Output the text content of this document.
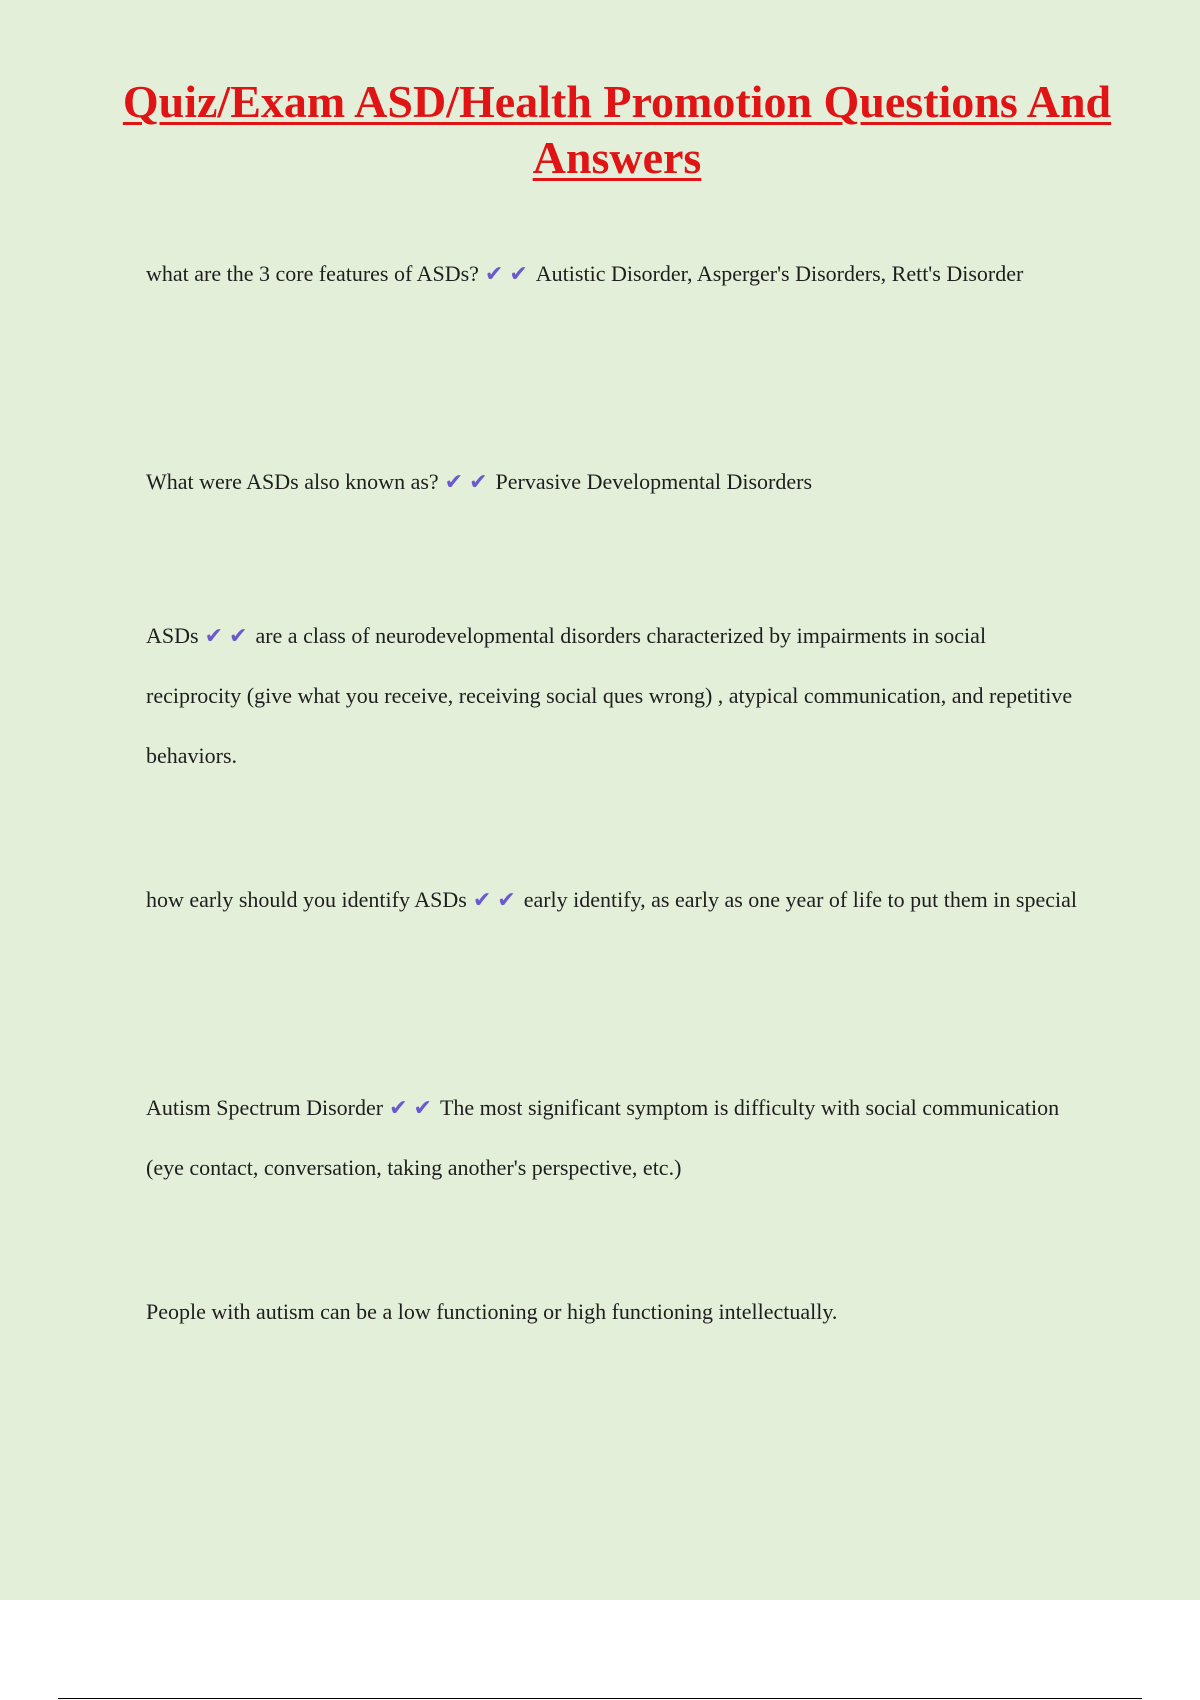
Quiz/Exam ASD/Health Promotion Questions And Answers

what are the 3 core features of ASDs? ✔✔Autistic Disorder, Asperger's Disorders, Rett's Disorder

What were ASDs also known as? ✔✔Pervasive Developmental Disorders

ASDs ✔✔are a class of neurodevelopmental disorders characterized by impairments in social reciprocity (give what you receive, receiving social ques wrong) , atypical communication, and repetitive behaviors.

how early should you identify ASDs ✔✔early identify, as early as one year of life to put them in special

Autism Spectrum Disorder ✔✔The most significant symptom is difficulty with social communication (eye contact, conversation, taking another's perspective, etc.)

People with autism can be a low functioning or high functioning intellectually.
